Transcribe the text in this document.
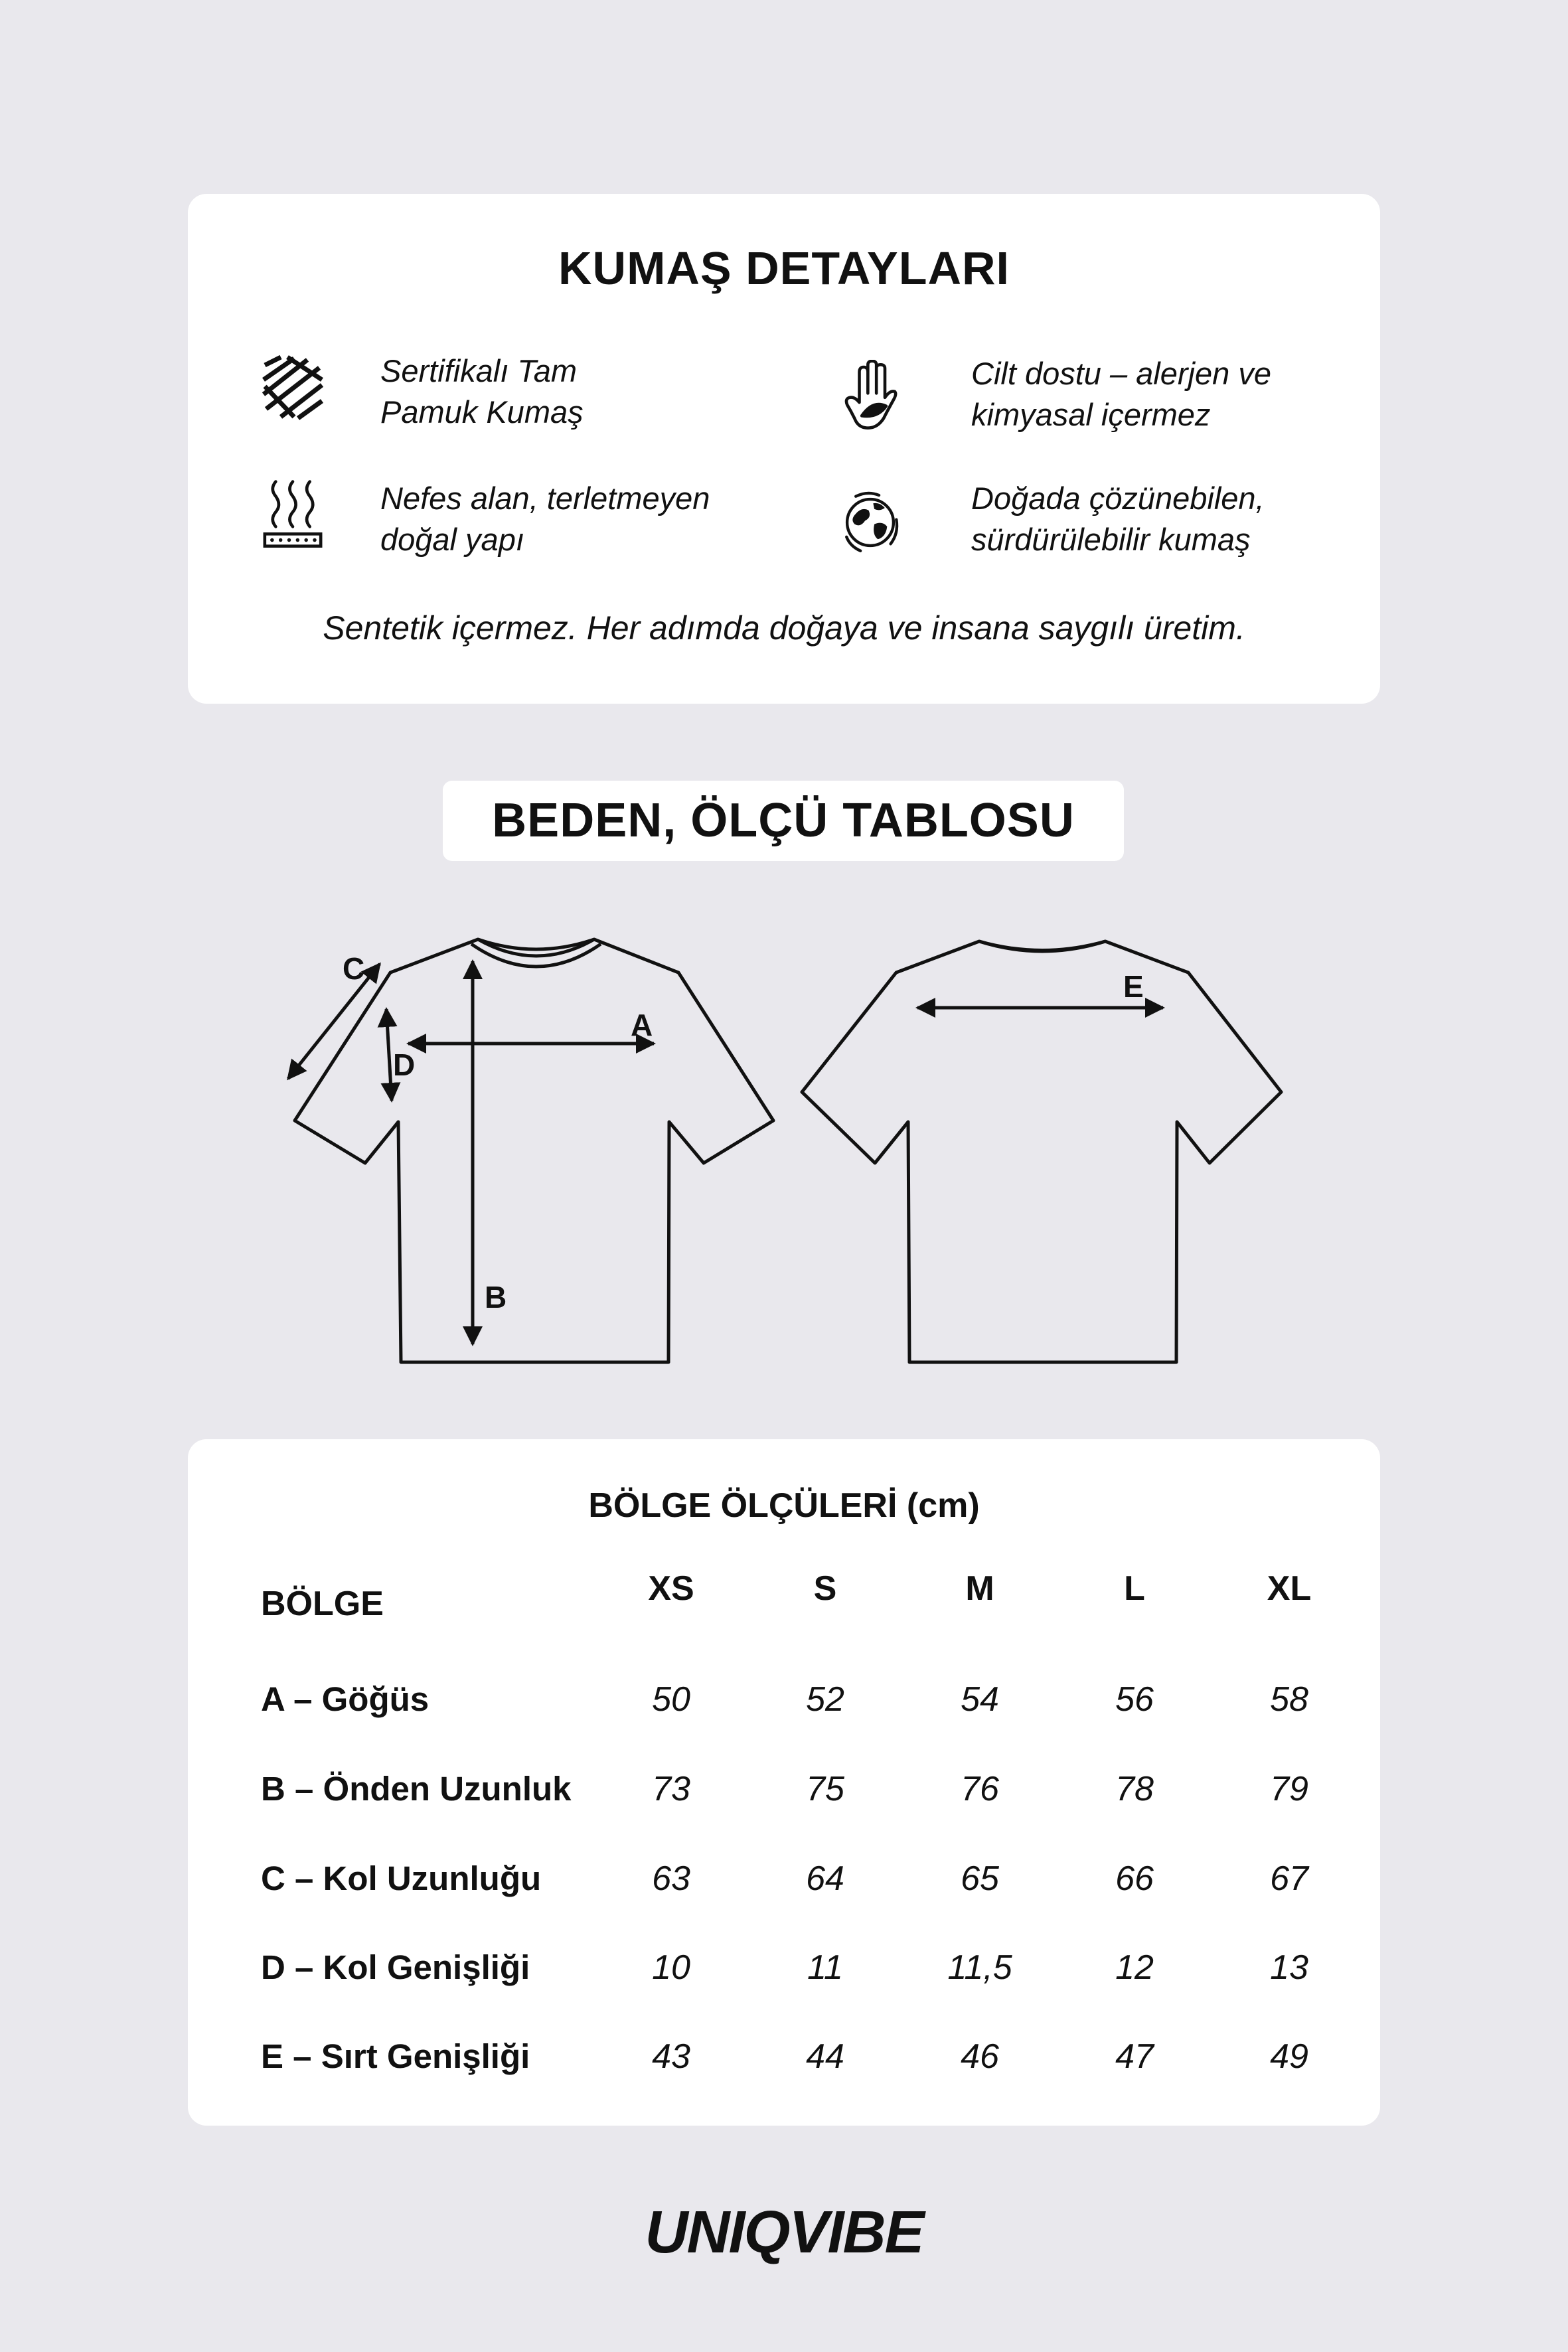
KUMAŞ DETAYLARI
Sertifikalı Tam
Pamuk Kumaş
Cilt dostu – alerjen ve
kimyasal içermez
Nefes alan, terletmeyen
doğal yapı
Doğada çözünebilen,
sürdürülebilir kumaş
Sentetik içermez. Her adımda doğaya ve insana saygılı üretim.
BEDEN, ÖLÇÜ TABLOSU
A
B
C
D
E
BÖLGE ÖLÇÜLERİ (cm)
BÖLGE	XS	S	M	L	XL
A – Göğüs	50	52	54	56	58
B – Önden Uzunluk	73	75	76	78	79
C – Kol Uzunluğu	63	64	65	66	67
D – Kol Genişliği	10	11	11,5	12	13
E – Sırt Genişliği	43	44	46	47	49
UNIQVIBE
